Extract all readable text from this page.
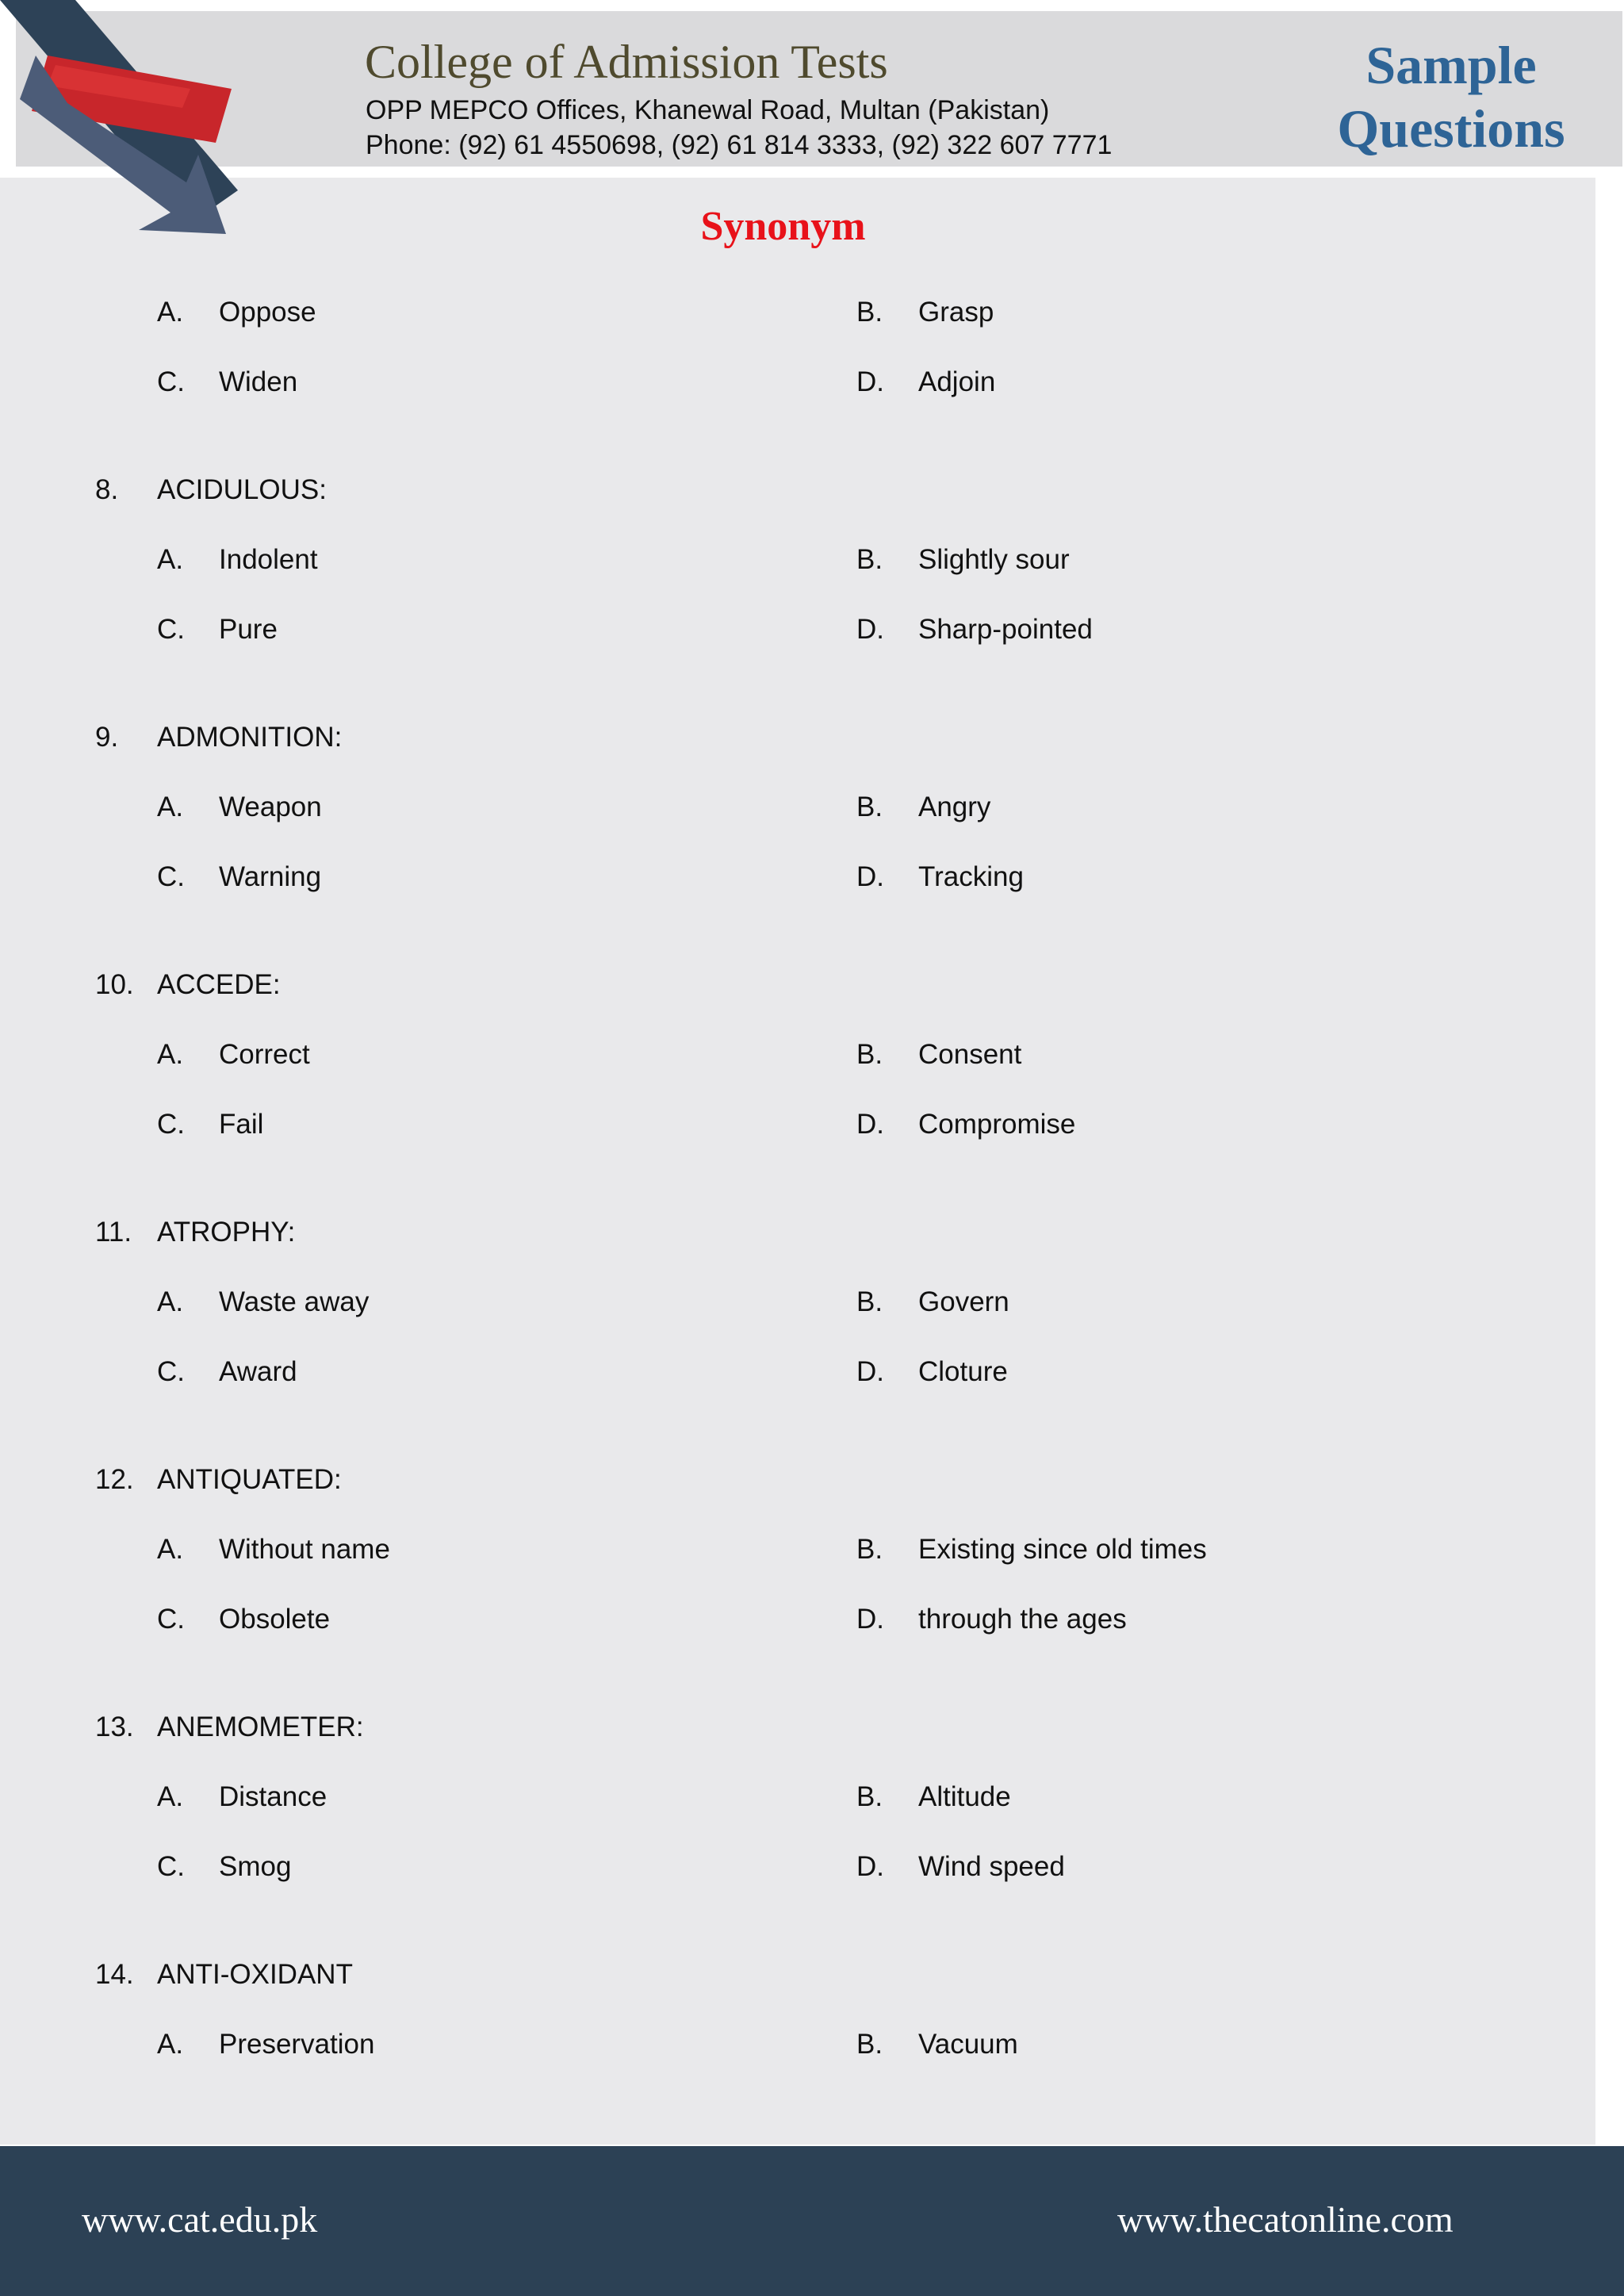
College of Admission Tests
OPP MEPCO Offices, Khanewal Road, Multan (Pakistan)
Phone: (92) 61 4550698, (92) 61 814 3333, (92) 322 607 7771
Sample
Questions
Synonym
A. Oppose	B. Grasp
C. Widen	D. Adjoin
8. ACIDULOUS:
A. Indolent	B. Slightly sour
C. Pure	D. Sharp-pointed
9. ADMONITION:
A. Weapon	B. Angry
C. Warning	D. Tracking
10. ACCEDE:
A. Correct	B. Consent
C. Fail	D. Compromise
11. ATROPHY:
A. Waste away	B. Govern
C. Award	D. Cloture
12. ANTIQUATED:
A. Without name	B. Existing since old times
C. Obsolete	D. through the ages
13. ANEMOMETER:
A. Distance	B. Altitude
C. Smog	D. Wind speed
14. ANTI-OXIDANT
A. Preservation	B. Vacuum
www.cat.edu.pk	www.thecatonline.com
